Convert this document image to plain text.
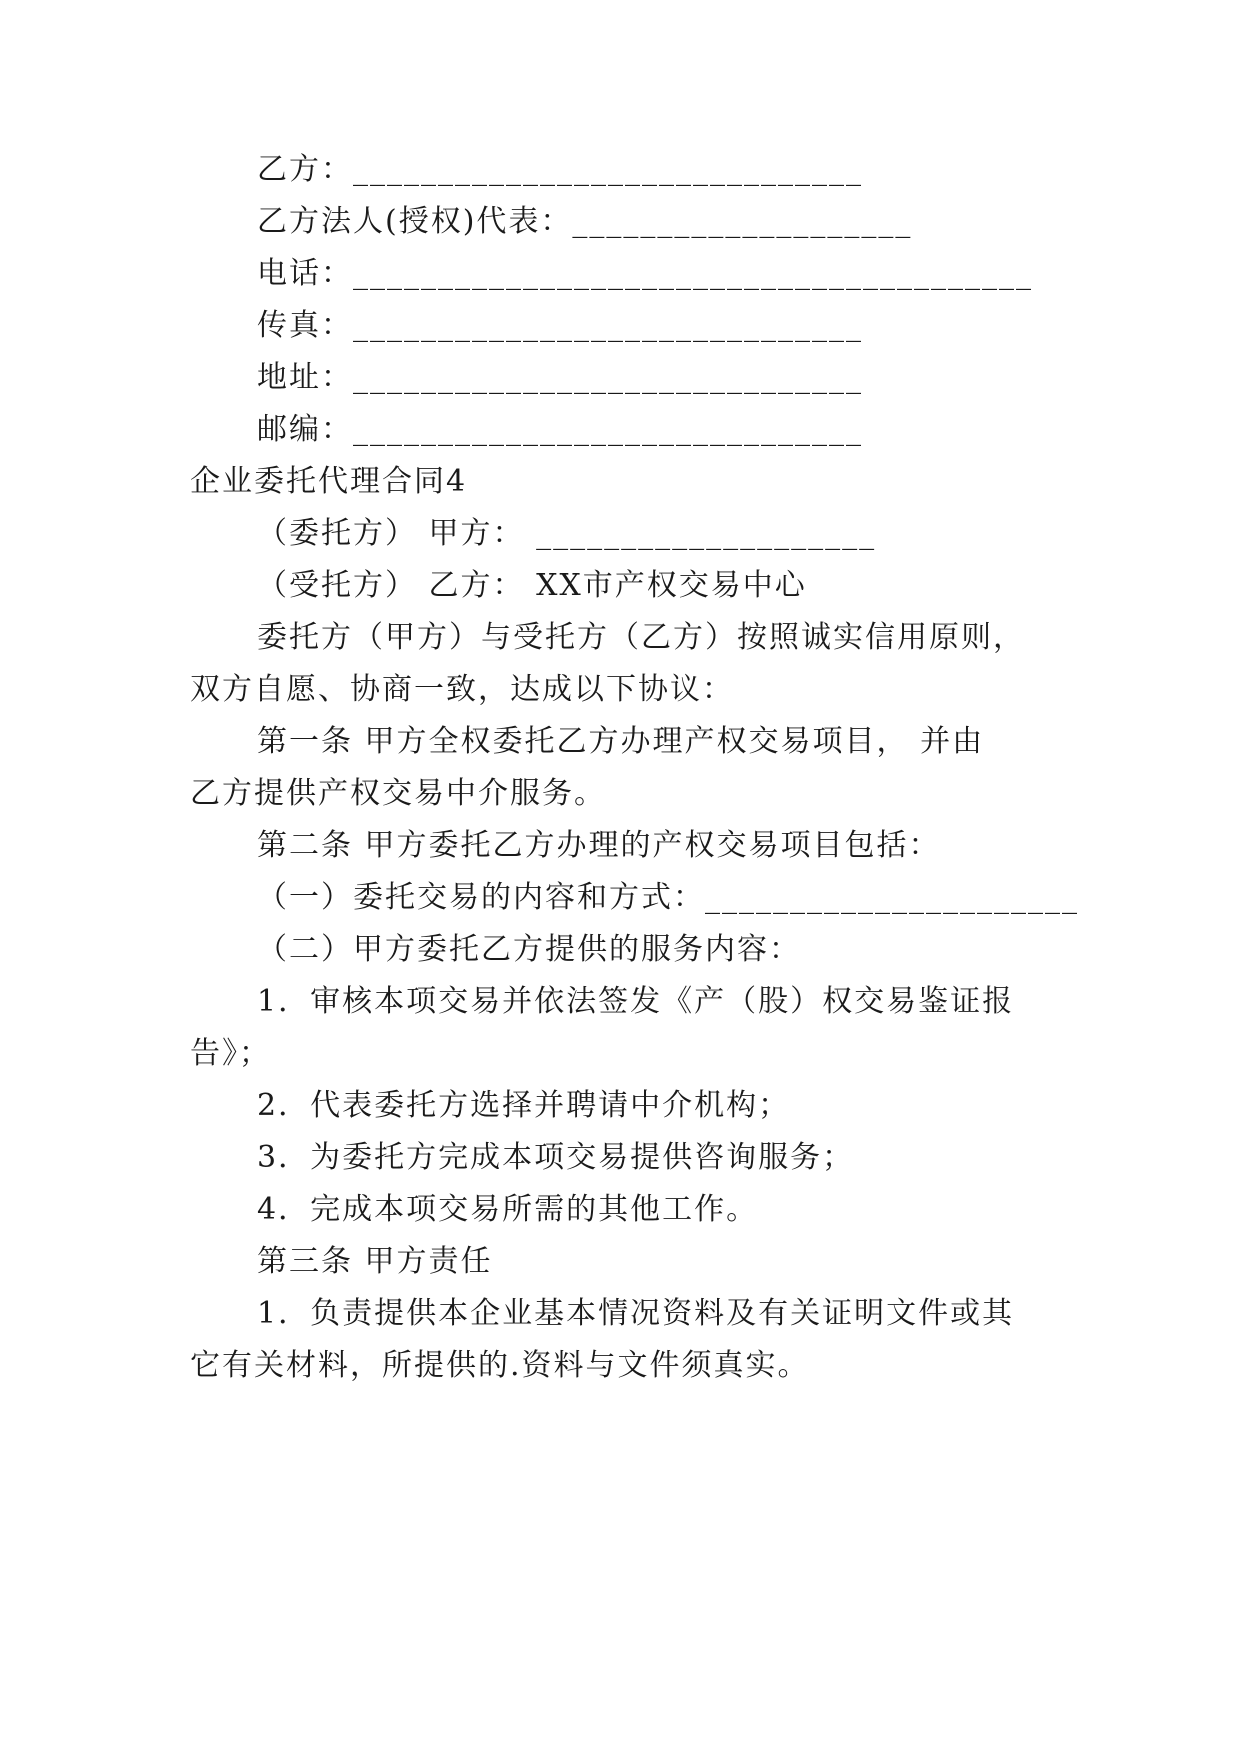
乙方：______________________________
乙方法人(授权)代表：____________________
电话：________________________________________
传真：______________________________
地址：______________________________
邮编：______________________________
企业委托代理合同4
（委托方） 甲方： ____________________
（受托方） 乙方： XX市产权交易中心
委托方（甲方）与受托方（乙方）按照诚实信用原则，
双方自愿、协商一致，达成以下协议：
第一条 甲方全权委托乙方办理产权交易项目， 并由
乙方提供产权交易中介服务。
第二条 甲方委托乙方办理的产权交易项目包括：
（一）委托交易的内容和方式：______________________
（二）甲方委托乙方提供的服务内容：
1．审核本项交易并依法签发《产（股）权交易鉴证报
告》；
2．代表委托方选择并聘请中介机构；
3．为委托方完成本项交易提供咨询服务；
4．完成本项交易所需的其他工作。
第三条 甲方责任
1．负责提供本企业基本情况资料及有关证明文件或其
它有关材料，所提供的.资料与文件须真实。
